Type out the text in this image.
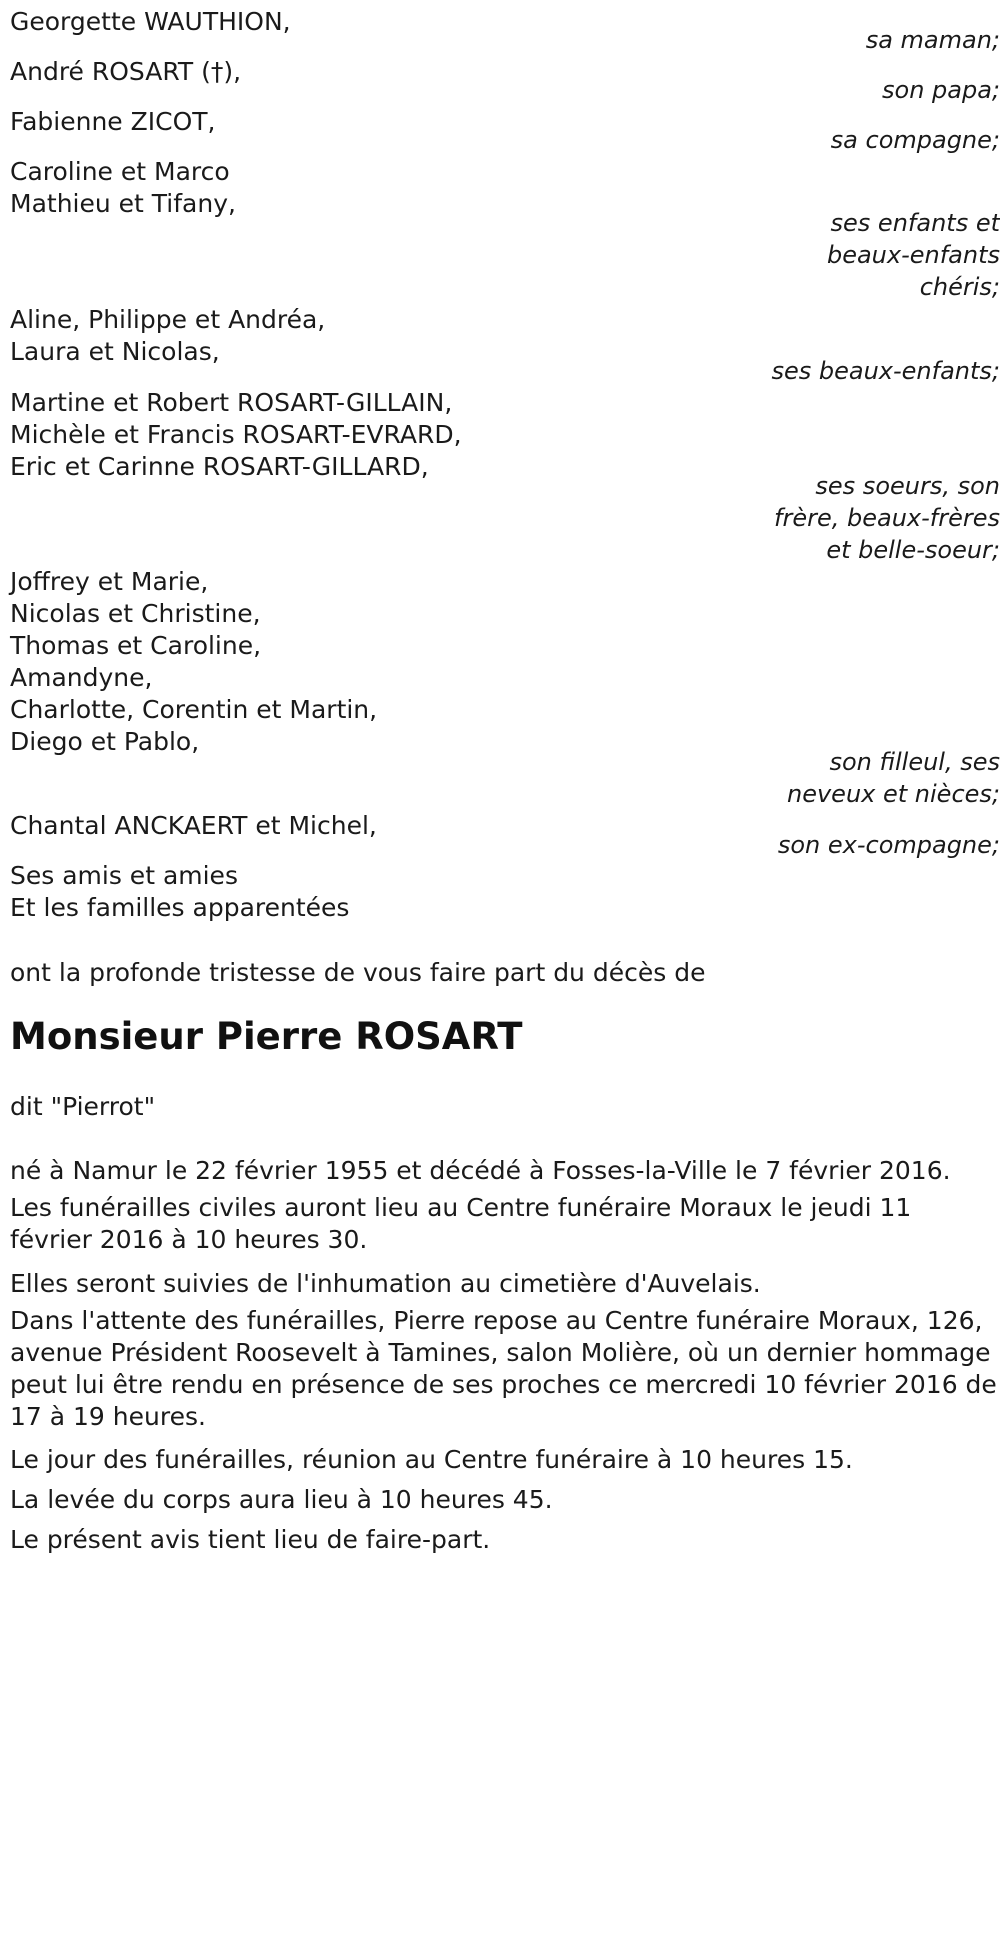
Georgette WAUTHION,
sa maman;
André ROSART (†),
son papa;
Fabienne ZICOT,
sa compagne;
Caroline et Marco
Mathieu et Tifany,
ses enfants et
beaux-enfants
chéris;
Aline, Philippe et Andréa,
Laura et Nicolas,
ses beaux-enfants;
Martine et Robert ROSART-GILLAIN,
Michèle et Francis ROSART-EVRARD,
Eric et Carinne ROSART-GILLARD,
ses soeurs, son
frère, beaux-frères
et belle-soeur;
Joffrey et Marie,
Nicolas et Christine,
Thomas et Caroline,
Amandyne,
Charlotte, Corentin et Martin,
Diego et Pablo,
son filleul, ses
neveux et nièces;
Chantal ANCKAERT et Michel,
son ex-compagne;
Ses amis et amies
Et les familles apparentées
ont la profonde tristesse de vous faire part du décès de
Monsieur Pierre ROSART
dit "Pierrot"
né à Namur le 22 février 1955 et décédé à Fosses-la-Ville le 7 février 2016.
Les funérailles civiles auront lieu au Centre funéraire Moraux le jeudi 11 février 2016 à 10 heures 30.
Elles seront suivies de l'inhumation au cimetière d'Auvelais.
Dans l'attente des funérailles, Pierre repose au Centre funéraire Moraux, 126, avenue Président Roosevelt à Tamines, salon Molière, où un dernier hommage peut lui être rendu en présence de ses proches ce mercredi 10 février 2016 de 17 à 19 heures.
Le jour des funérailles, réunion au Centre funéraire à 10 heures 15.
La levée du corps aura lieu à 10 heures 45.
Le présent avis tient lieu de faire-part.
